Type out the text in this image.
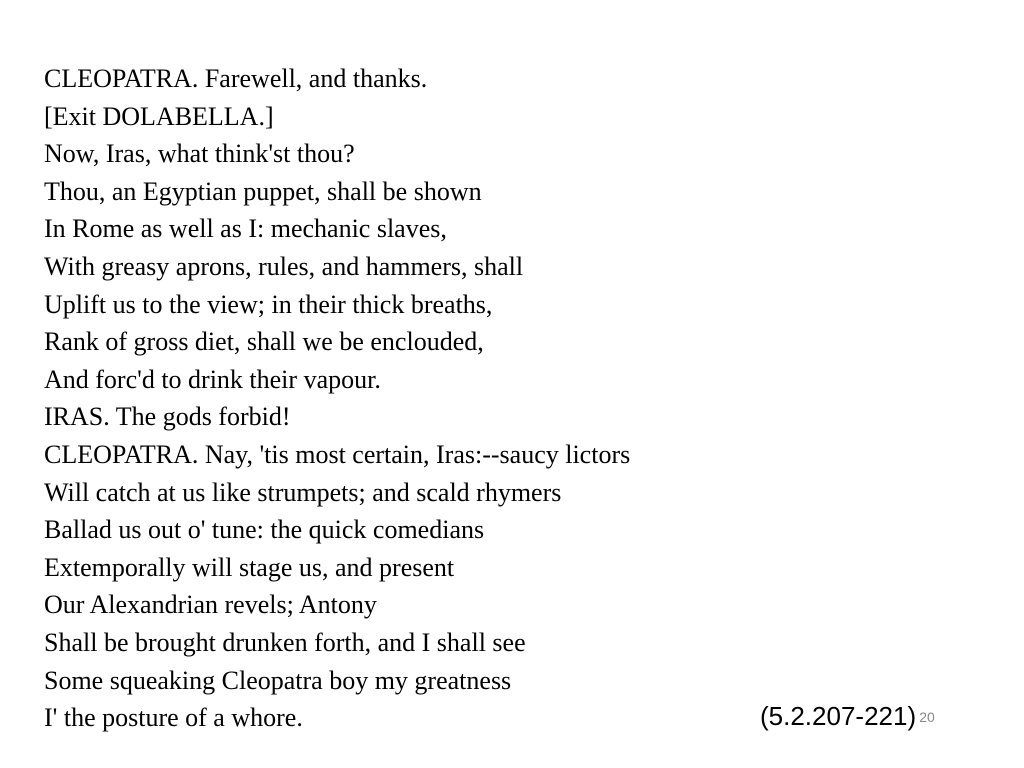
CLEOPATRA. Farewell, and thanks.
[Exit DOLABELLA.]
Now, Iras, what think'st thou?
Thou, an Egyptian puppet, shall be shown
In Rome as well as I: mechanic slaves,
With greasy aprons, rules, and hammers, shall
Uplift us to the view; in their thick breaths,
Rank of gross diet, shall we be enclouded,
And forc'd to drink their vapour.
IRAS. The gods forbid!
CLEOPATRA. Nay, 'tis most certain, Iras:--saucy lictors
Will catch at us like strumpets; and scald rhymers
Ballad us out o' tune: the quick comedians
Extemporally will stage us, and present
Our Alexandrian revels; Antony
Shall be brought drunken forth, and I shall see
Some squeaking Cleopatra boy my greatness
I' the posture of a whore.	(5.2.207-221) 20
